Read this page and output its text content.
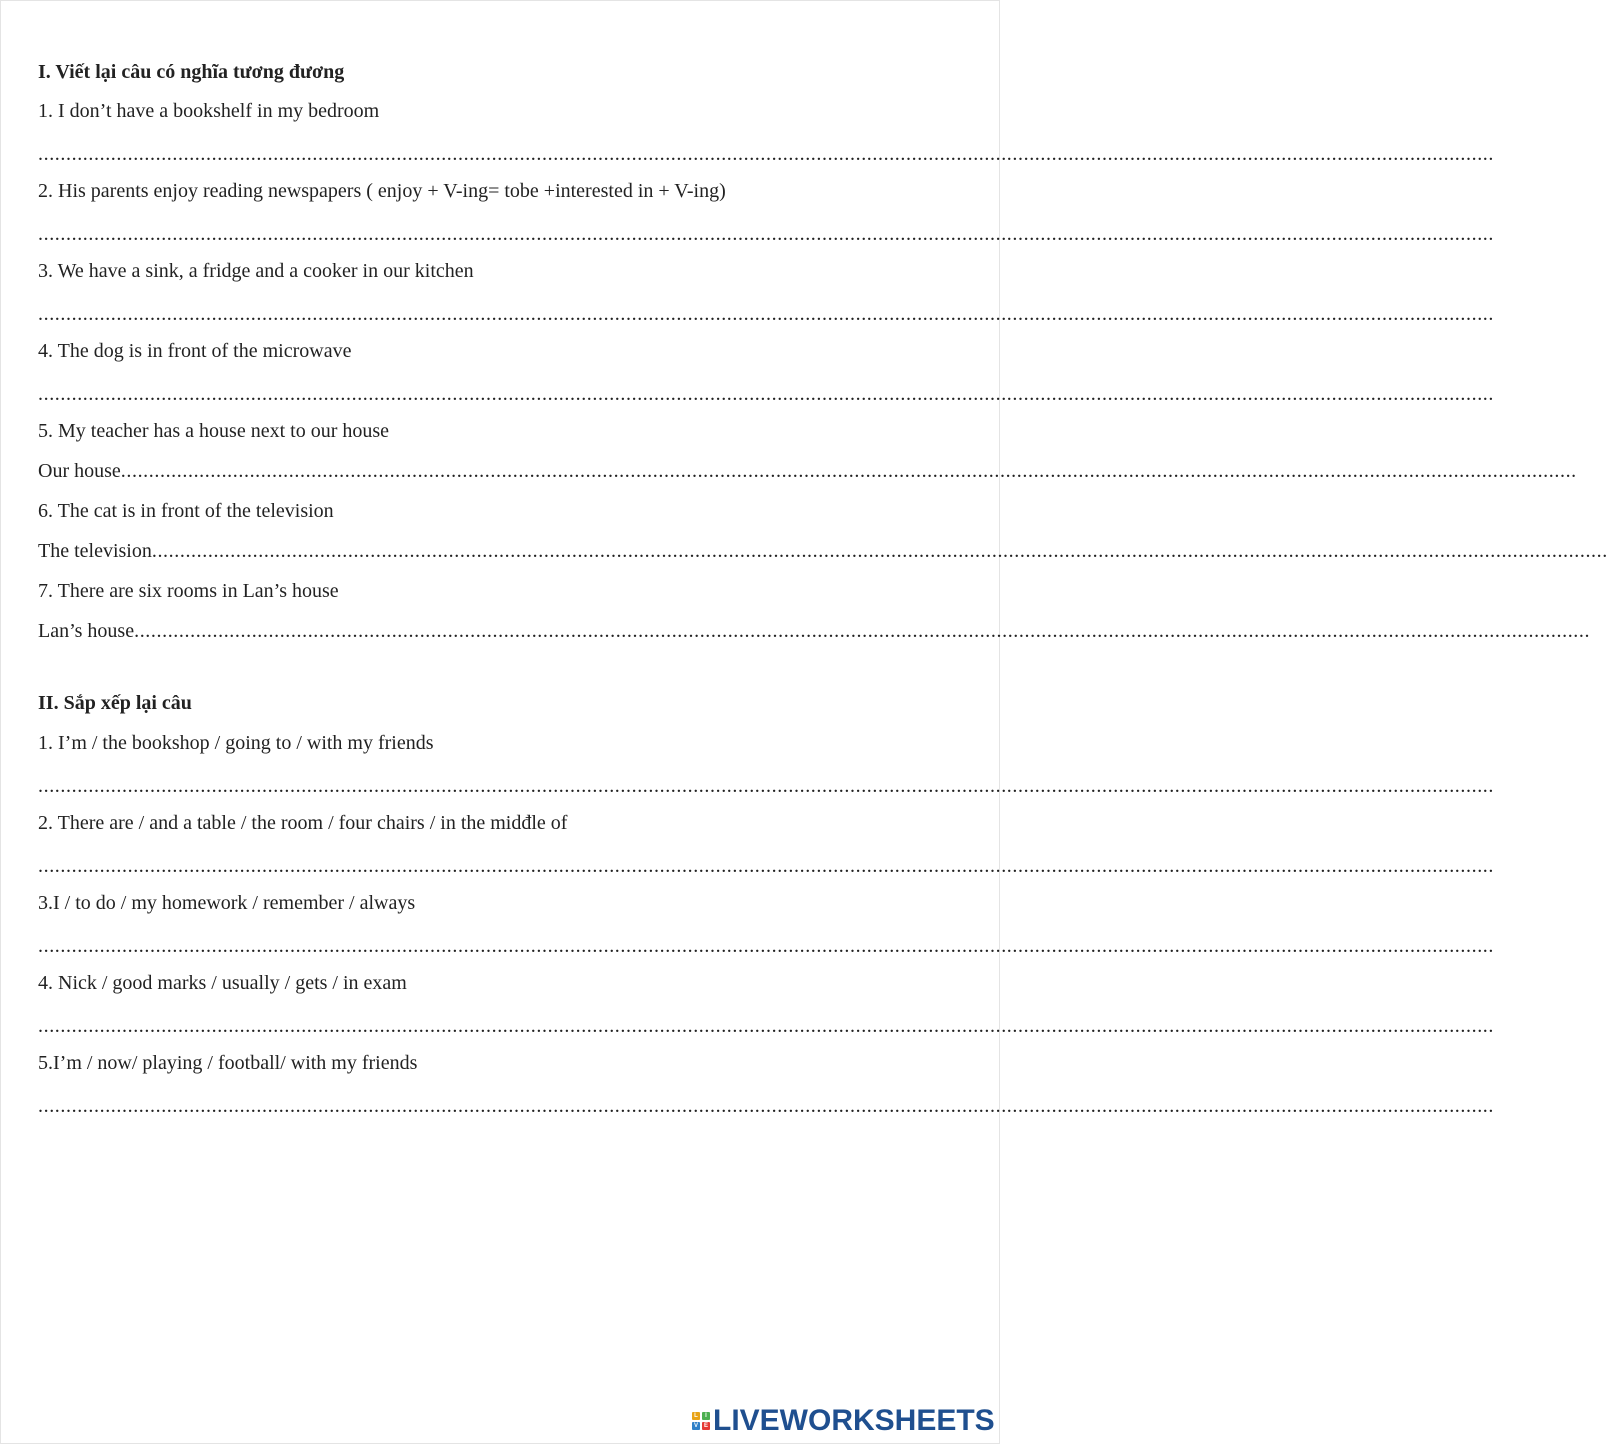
I. Viết lại câu có nghĩa tương đương
1. I don’t have a bookshelf in my bedroom
....................................................................................................................................................................................................................................................................
2. His parents enjoy reading newspapers ( enjoy + V-ing= tobe +interested in + V-ing)
....................................................................................................................................................................................................................................................................
3. We have a sink, a fridge and a cooker in our kitchen
....................................................................................................................................................................................................................................................................
4. The dog is in front of the microwave
....................................................................................................................................................................................................................................................................
5. My teacher has a house next to our house
Our house....................................................................................................................................................................................................................................................................
6. The cat is in front of the television
The television....................................................................................................................................................................................................................................................................
7. There are six rooms in Lan’s house
Lan’s house....................................................................................................................................................................................................................................................................
II. Sắp xếp lại câu
1. I’m / the bookshop / going to / with my friends
....................................................................................................................................................................................................................................................................
2. There are / and a table / the room / four chairs / in the midđle of
....................................................................................................................................................................................................................................................................
3.I / to do / my homework / remember / always
....................................................................................................................................................................................................................................................................
4. Nick / good marks / usually / gets / in exam
....................................................................................................................................................................................................................................................................
5.I’m / now/ playing / football/ with my friends
....................................................................................................................................................................................................................................................................
L	I
V E LIVEWORKSHEETS
